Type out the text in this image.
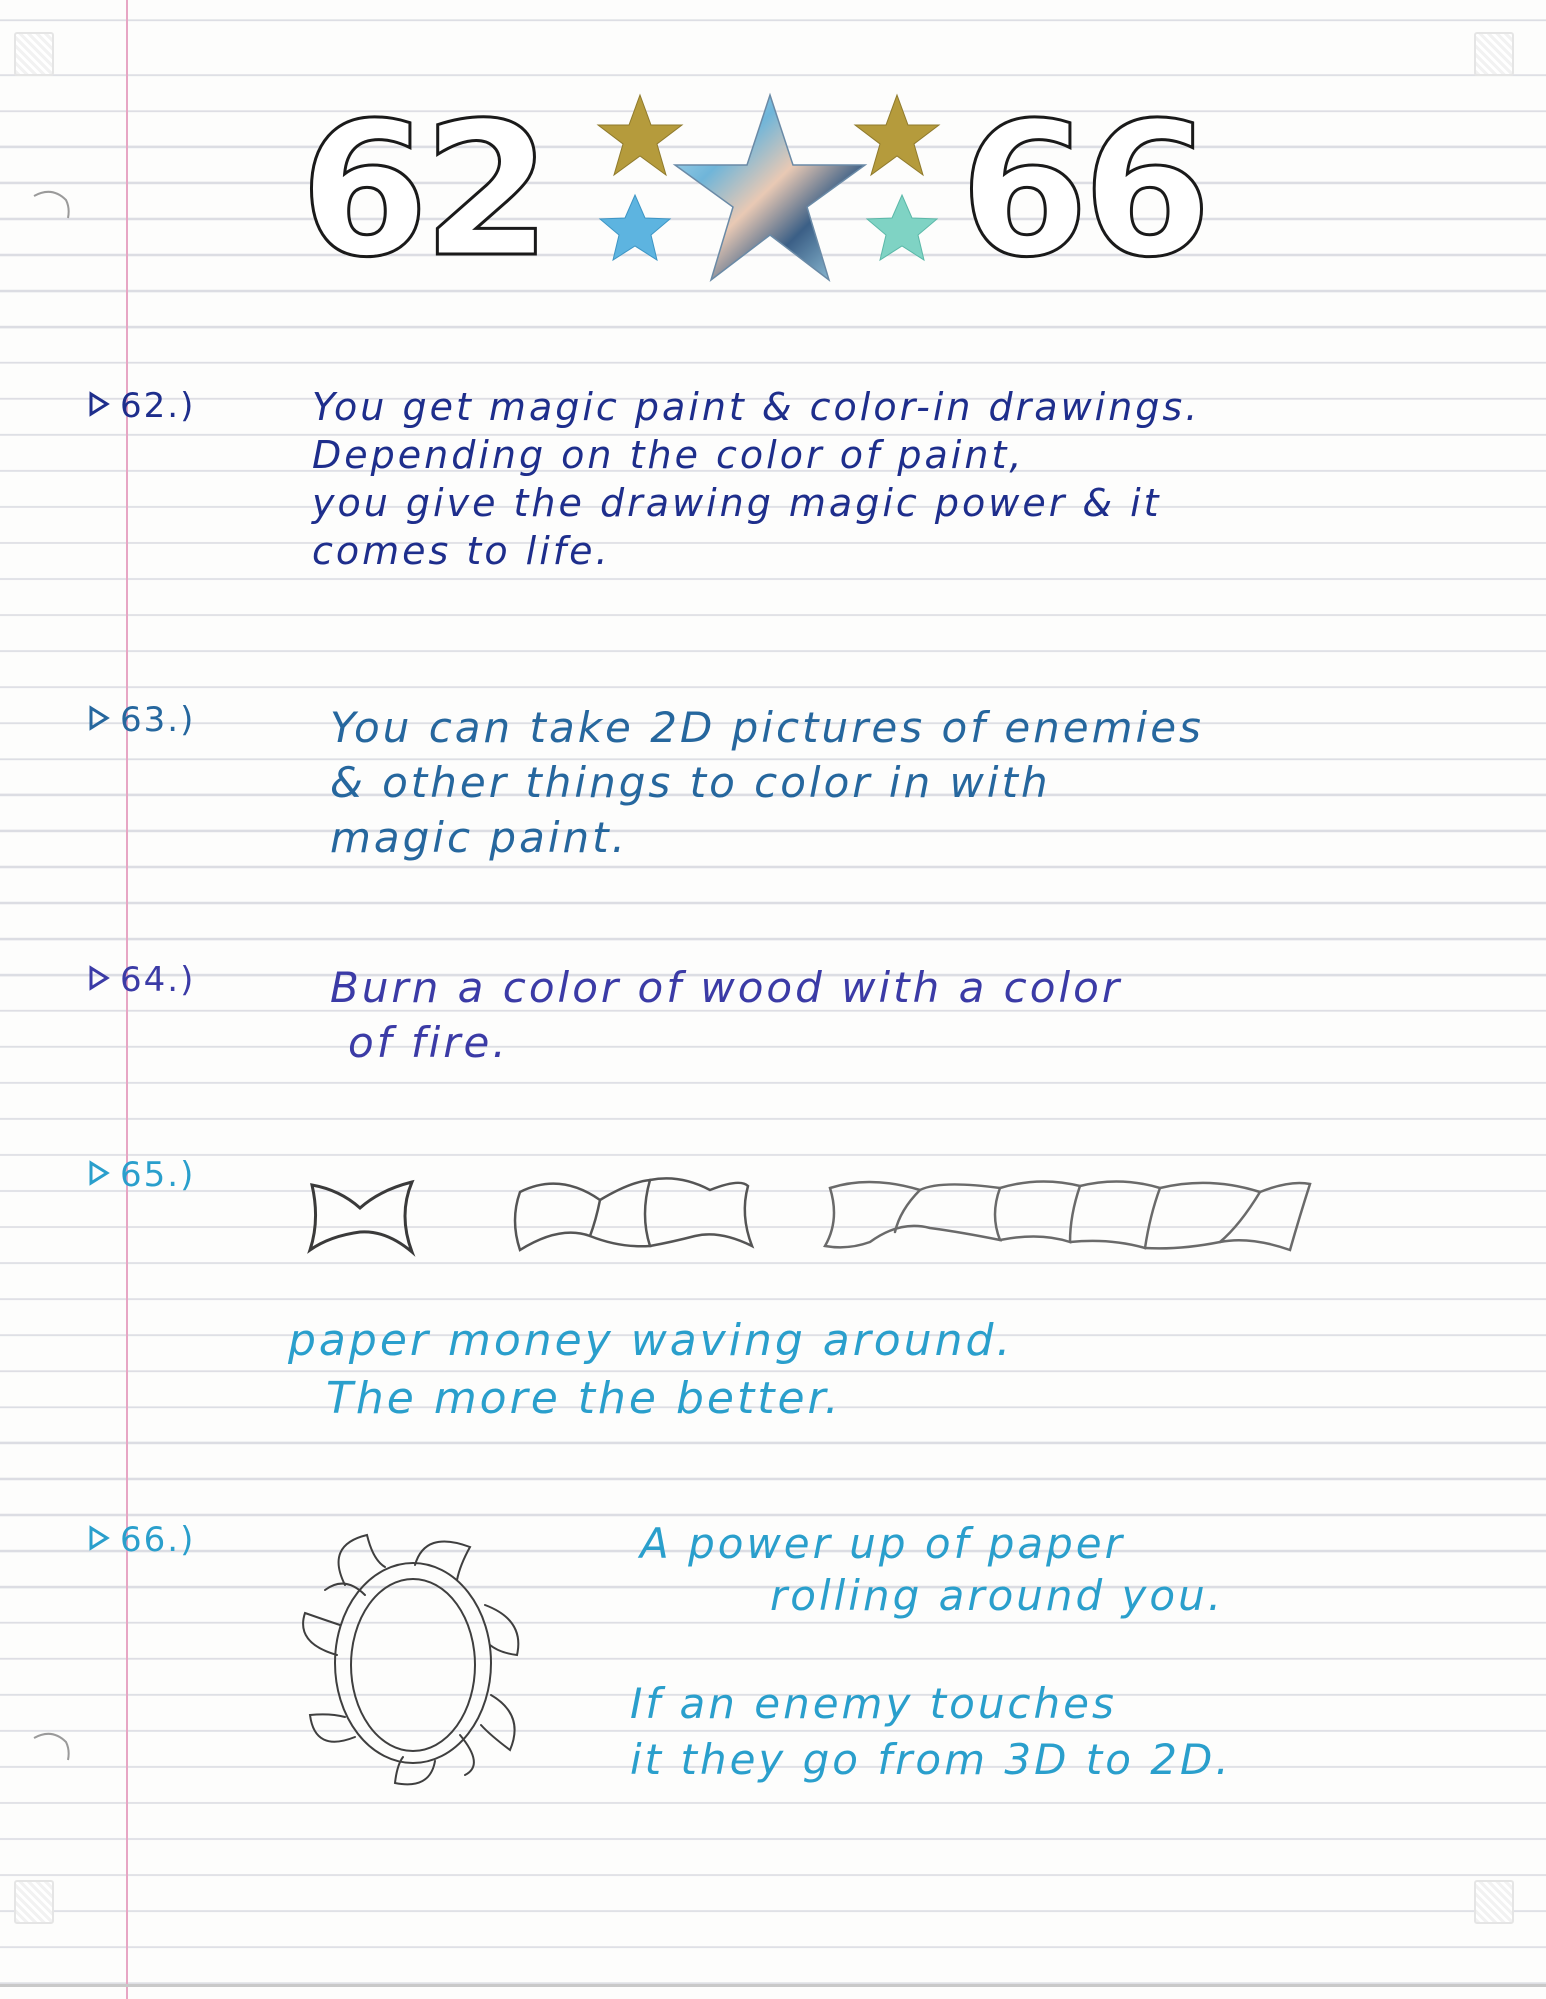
62 66
62.)	You get magic paint & color-in drawings.
Depending on the color of paint,
you give the drawing magic power & it
comes to life.
63.)	You can take 2D pictures of enemies
& other things to color in with
magic paint.
64.)	Burn a color of wood with a color
of fire.
65.)
paper money waving around.
The more the better.
66.)	A power up of paper
rolling around you.
If an enemy touches
it they go from 3D to 2D.
